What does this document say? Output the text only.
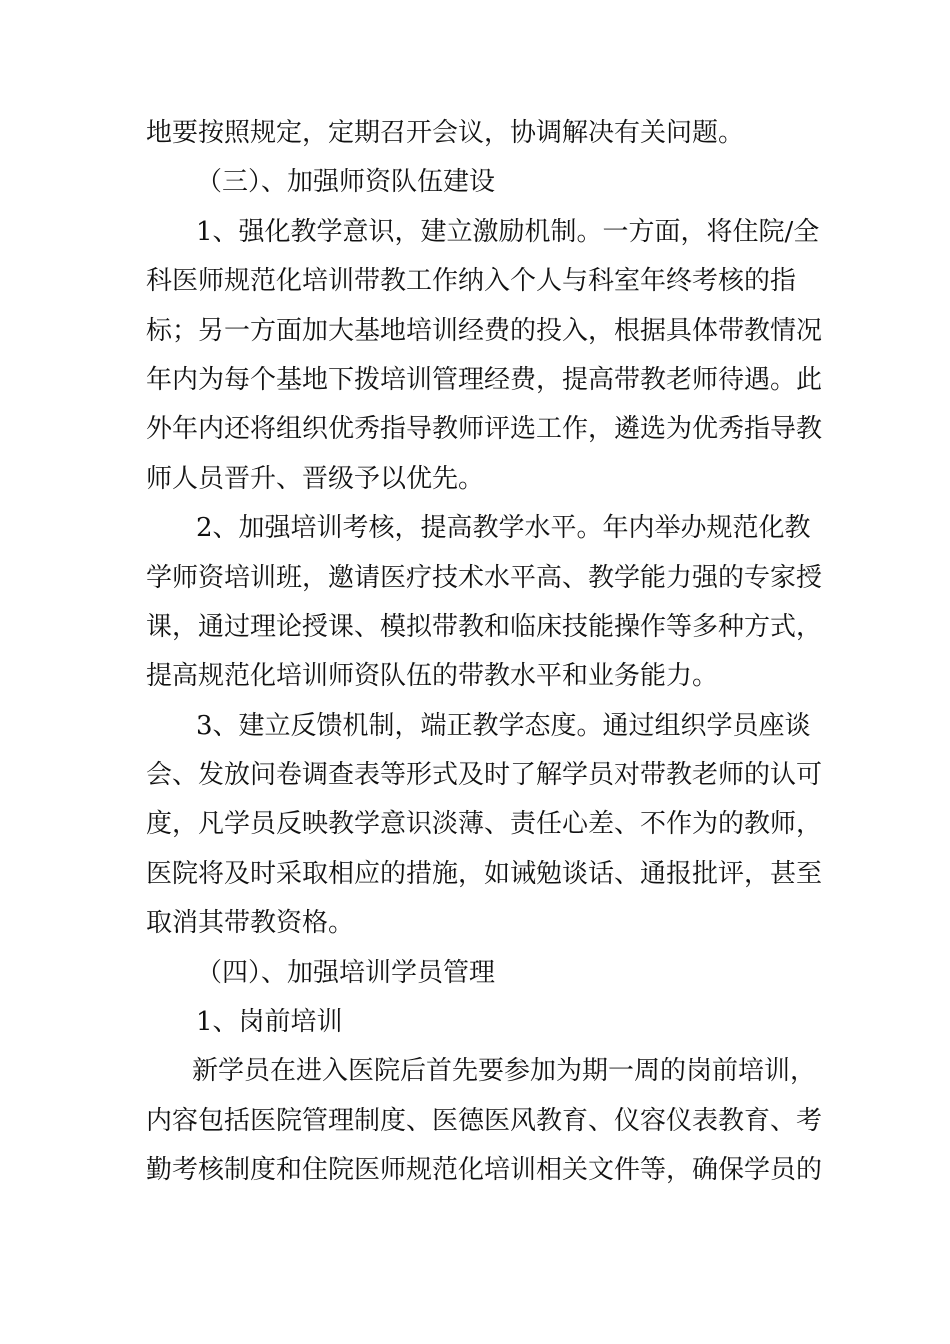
地要按照规定，定期召开会议，协调解决有关问题。
（三）、加强师资队伍建设
1、强化教学意识，建立激励机制。一方面，将住院/全
科医师规范化培训带教工作纳入个人与科室年终考核的指
标；另一方面加大基地培训经费的投入，根据具体带教情况
年内为每个基地下拨培训管理经费，提高带教老师待遇。此
外年内还将组织优秀指导教师评选工作，遴选为优秀指导教
师人员晋升、晋级予以优先。
2、加强培训考核，提高教学水平。年内举办规范化教
学师资培训班，邀请医疗技术水平高、教学能力强的专家授
课，通过理论授课、模拟带教和临床技能操作等多种方式，
提高规范化培训师资队伍的带教水平和业务能力。
3、建立反馈机制，端正教学态度。通过组织学员座谈
会、发放问卷调查表等形式及时了解学员对带教老师的认可
度，凡学员反映教学意识淡薄、责任心差、不作为的教师，
医院将及时采取相应的措施，如诫勉谈话、通报批评，甚至
取消其带教资格。
（四）、加强培训学员管理
1、岗前培训
新学员在进入医院后首先要参加为期一周的岗前培训，
内容包括医院管理制度、医德医风教育、仪容仪表教育、考
勤考核制度和住院医师规范化培训相关文件等，确保学员的
